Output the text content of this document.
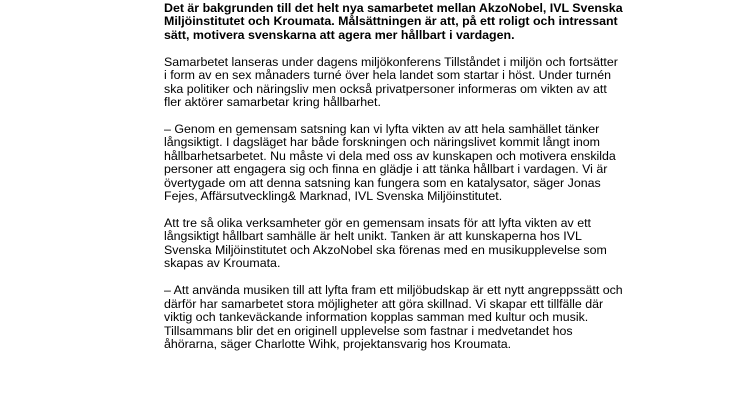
Det är bakgrunden till det helt nya samarbetet mellan AkzoNobel, IVL Svenska
Miljöinstitutet och Kroumata. Målsättningen är att, på ett roligt och intressant
sätt, motivera svenskarna att agera mer hållbart i vardagen.

Samarbetet lanseras under dagens miljökonferens Tillståndet i miljön och fortsätter
i form av en sex månaders turné över hela landet som startar i höst. Under turnén
ska politiker och näringsliv men också privatpersoner informeras om vikten av att
fler aktörer samarbetar kring hållbarhet.

– Genom en gemensam satsning kan vi lyfta vikten av att hela samhället tänker
långsiktigt. I dagsläget har både forskningen och näringslivet kommit långt inom
hållbarhetsarbetet. Nu måste vi dela med oss av kunskapen och motivera enskilda
personer att engagera sig och finna en glädje i att tänka hållbart i vardagen. Vi är
övertygade om att denna satsning kan fungera som en katalysator, säger Jonas
Fejes, Affärsutveckling& Marknad, IVL Svenska Miljöinstitutet.

Att tre så olika verksamheter gör en gemensam insats för att lyfta vikten av ett
långsiktigt hållbart samhälle är helt unikt. Tanken är att kunskaperna hos IVL
Svenska Miljöinstitutet och AkzoNobel ska förenas med en musikupplevelse som
skapas av Kroumata.

– Att använda musiken till att lyfta fram ett miljöbudskap är ett nytt angreppssätt och
därför har samarbetet stora möjligheter att göra skillnad. Vi skapar ett tillfälle där
viktig och tankeväckande information kopplas samman med kultur och musik.
Tillsammans blir det en originell upplevelse som fastnar i medvetandet hos
åhörarna, säger Charlotte Wihk, projektansvarig hos Kroumata.
